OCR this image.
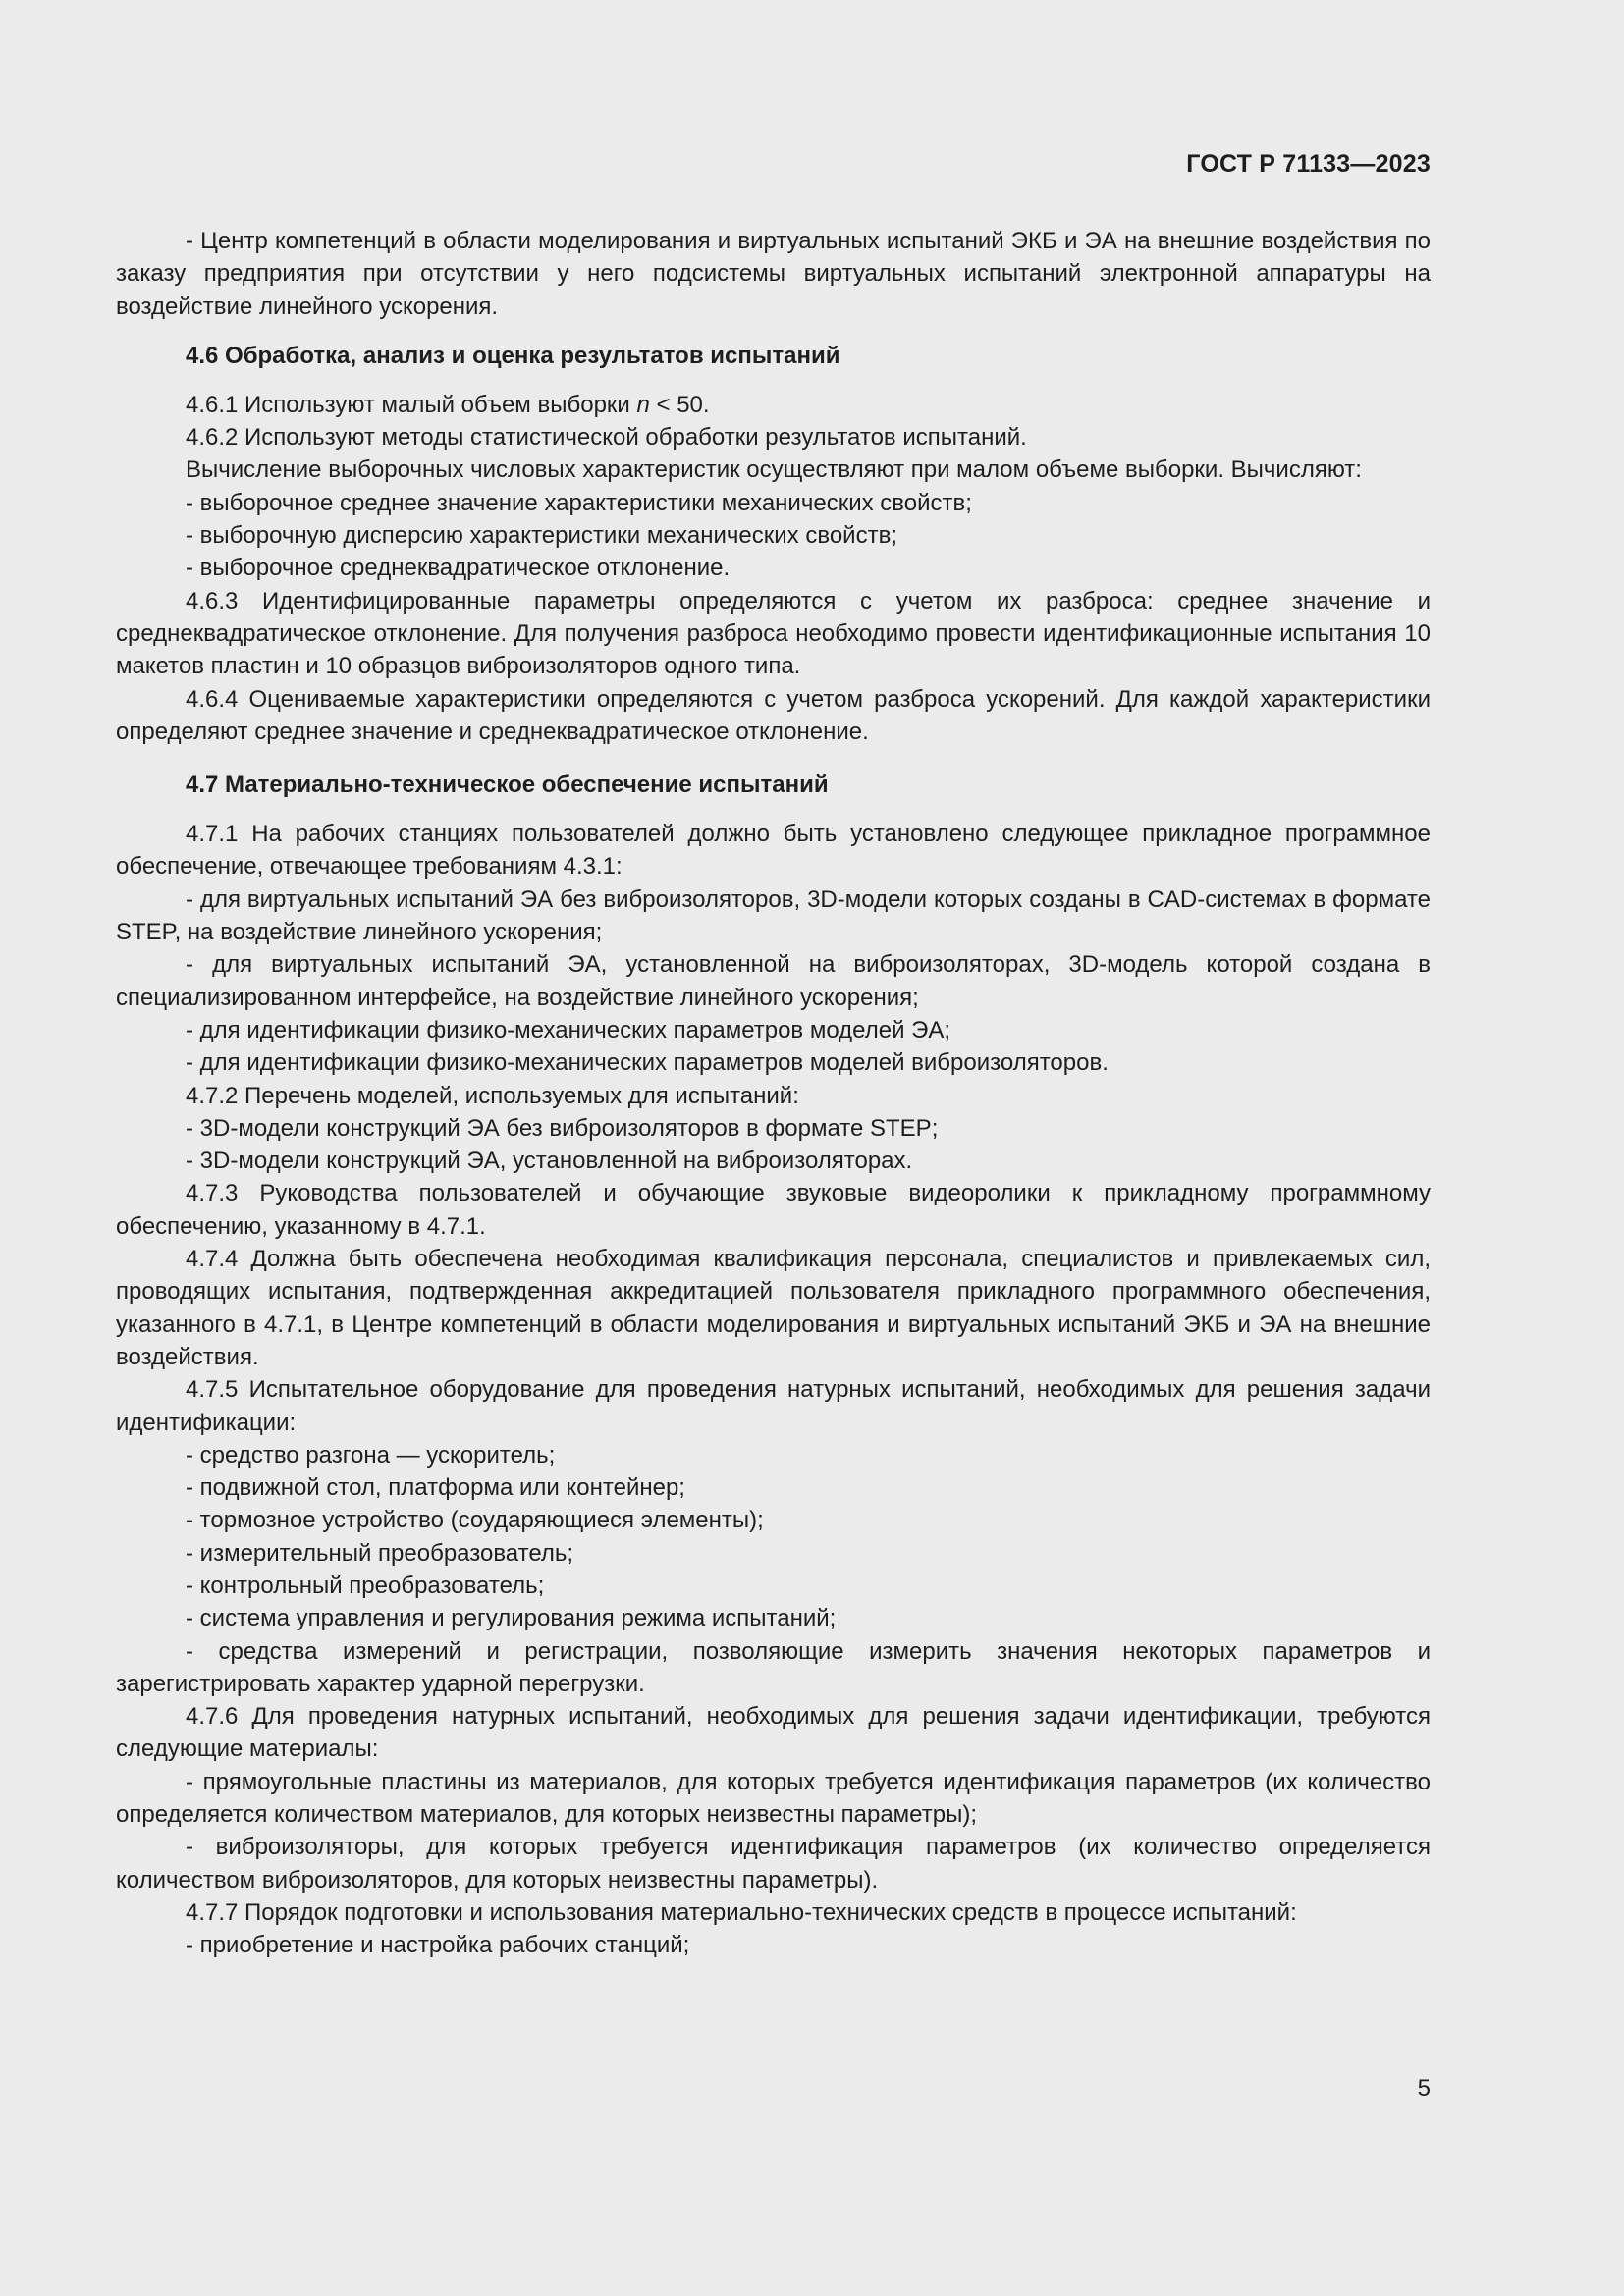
ГОСТ Р 71133—2023

- Центр компетенций в области моделирования и виртуальных испытаний ЭКБ и ЭА на внешние воздействия по заказу предприятия при отсутствии у него подсистемы виртуальных испытаний электронной аппаратуры на воздействие линейного ускорения.

4.6 Обработка, анализ и оценка результатов испытаний

4.6.1 Используют малый объем выборки n < 50.

4.6.2 Используют методы статистической обработки результатов испытаний.

Вычисление выборочных числовых характеристик осуществляют при малом объеме выборки. Вычисляют:

- выборочное среднее значение характеристики механических свойств;

- выборочную дисперсию характеристики механических свойств;

- выборочное среднеквадратическое отклонение.

4.6.3 Идентифицированные параметры определяются с учетом их разброса: среднее значение и среднеквадратическое отклонение. Для получения разброса необходимо провести идентификационные испытания 10 макетов пластин и 10 образцов виброизоляторов одного типа.

4.6.4 Оцениваемые характеристики определяются с учетом разброса ускорений. Для каждой характеристики определяют среднее значение и среднеквадратическое отклонение.

4.7 Материально-техническое обеспечение испытаний

4.7.1 На рабочих станциях пользователей должно быть установлено следующее прикладное программное обеспечение, отвечающее требованиям 4.3.1:

- для виртуальных испытаний ЭА без виброизоляторов, 3D-модели которых созданы в CAD-системах в формате STEP, на воздействие линейного ускорения;

- для виртуальных испытаний ЭА, установленной на виброизоляторах, 3D-модель которой создана в специализированном интерфейсе, на воздействие линейного ускорения;

- для идентификации физико-механических параметров моделей ЭА;

- для идентификации физико-механических параметров моделей виброизоляторов.

4.7.2 Перечень моделей, используемых для испытаний:

- 3D-модели конструкций ЭА без виброизоляторов в формате STEP;

- 3D-модели конструкций ЭА, установленной на виброизоляторах.

4.7.3 Руководства пользователей и обучающие звуковые видеоролики к прикладному программному обеспечению, указанному в 4.7.1.

4.7.4 Должна быть обеспечена необходимая квалификация персонала, специалистов и привлекаемых сил, проводящих испытания, подтвержденная аккредитацией пользователя прикладного программного обеспечения, указанного в 4.7.1, в Центре компетенций в области моделирования и виртуальных испытаний ЭКБ и ЭА на внешние воздействия.

4.7.5 Испытательное оборудование для проведения натурных испытаний, необходимых для решения задачи идентификации:

- средство разгона — ускоритель;

- подвижной стол, платформа или контейнер;

- тормозное устройство (соударяющиеся элементы);

- измерительный преобразователь;

- контрольный преобразователь;

- система управления и регулирования режима испытаний;

- средства измерений и регистрации, позволяющие измерить значения некоторых параметров и зарегистрировать характер ударной перегрузки.

4.7.6 Для проведения натурных испытаний, необходимых для решения задачи идентификации, требуются следующие материалы:

- прямоугольные пластины из материалов, для которых требуется идентификация параметров (их количество определяется количеством материалов, для которых неизвестны параметры);

- виброизоляторы, для которых требуется идентификация параметров (их количество определяется количеством виброизоляторов, для которых неизвестны параметры).

4.7.7 Порядок подготовки и использования материально-технических средств в процессе испытаний:

- приобретение и настройка рабочих станций;

5
